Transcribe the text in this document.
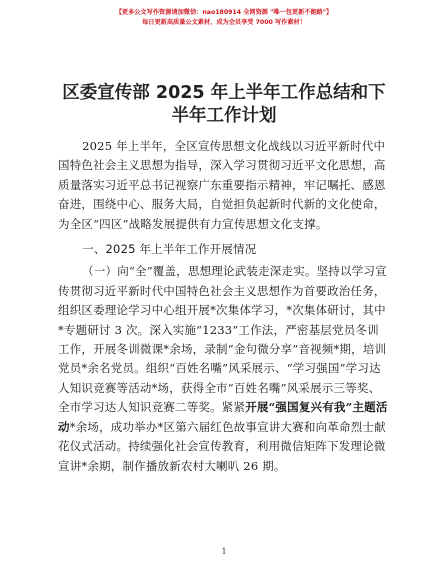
【更多公文写作资源请加微信：nao180914 全网资源 "唯一包更新不跑路"】
每日更新高质量公文素材，成为会员享受 7000 写作素材！
区委宣传部 2025 年上半年工作总结和下半年工作计划
2025 年上半年，全区宣传思想文化战线以习近平新时代中国特色社会主义思想为指导，深入学习贯彻习近平文化思想，高质量落实习近平总书记视察广东重要指示精神，牢记嘱托、感恩奋进，围绕中心、服务大局，自觉担负起新时代新的文化使命，为全区“四区”战略发展提供有力宣传思想文化支撑。
一、2025 年上半年工作开展情况
（一）向“全”覆盖，思想理论武装走深走实。坚持以学习宣传贯彻习近平新时代中国特色社会主义思想作为首要政治任务，组织区委理论学习中心组开展*次集体学习，*次集体研讨，其中*专题研讨 3 次。深入实施“1233”工作法，严密基层党员冬训工作，开展冬训微课*余场，录制“金句微分享”音视频*期，培训党员*余名党员。组织“百姓名嘴”风采展示、“学习强国”学习达人知识竞赛等活动*场，获得全市“百姓名嘴”风采展示三等奖、全市学习达人知识竞赛二等奖。紧紧开展“强国复兴有我”主题活动*余场，成功举办*区第六届红色故事宣讲大赛和向革命烈士献花仪式活动。持续强化社会宣传教育，利用微信矩阵下发理论微宣讲*余期，制作播放新农村大喇叭 26 期。
1
